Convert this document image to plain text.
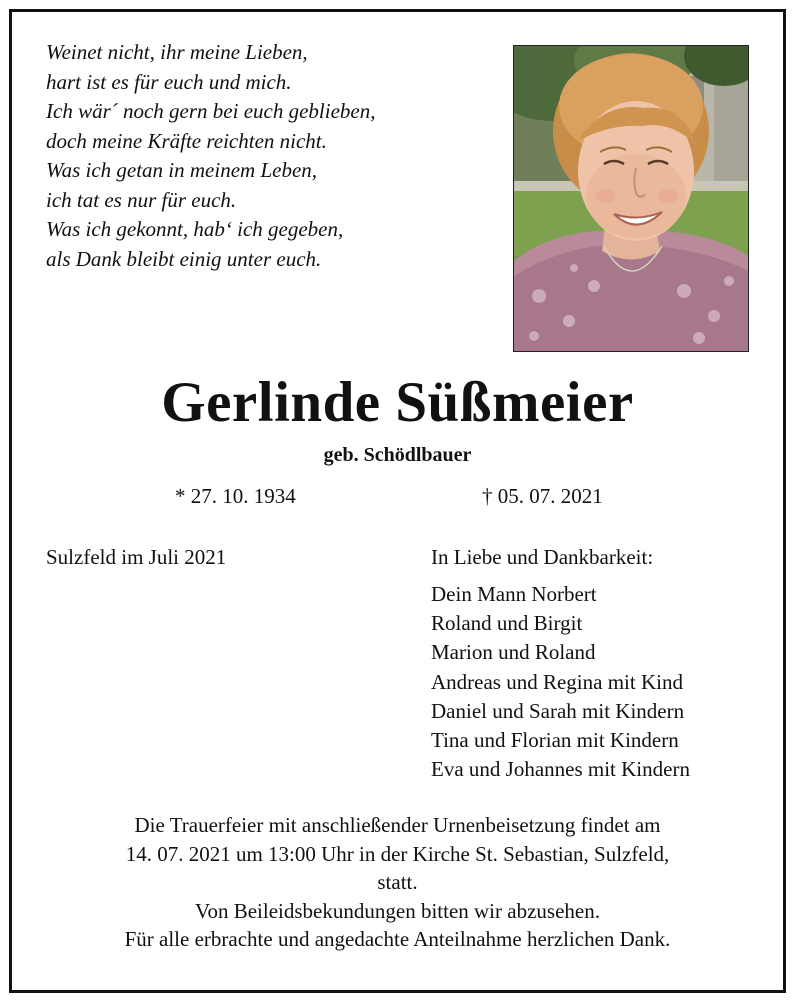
Weinet nicht, ihr meine Lieben,
hart ist es für euch und mich.
Ich wär´ noch gern bei euch geblieben,
doch meine Kräfte reichten nicht.
Was ich getan in meinem Leben,
ich tat es nur für euch.
Was ich gekonnt, hab‘ ich gegeben,
als Dank bleibt einig unter euch.
Gerlinde Süßmeier
geb. Schödlbauer
* 27. 10. 1934	† 05. 07. 2021
Sulzfeld im Juli 2021	In Liebe und Dankbarkeit:
Dein Mann Norbert
Roland und Birgit
Marion und Roland
Andreas und Regina mit Kind
Daniel und Sarah mit Kindern
Tina und Florian mit Kindern
Eva und Johannes mit Kindern
Die Trauerfeier mit anschließender Urnenbeisetzung findet am
14. 07. 2021 um 13:00 Uhr in der Kirche St. Sebastian, Sulzfeld,
statt.
Von Beileidsbekundungen bitten wir abzusehen.
Für alle erbrachte und angedachte Anteilnahme herzlichen Dank.
